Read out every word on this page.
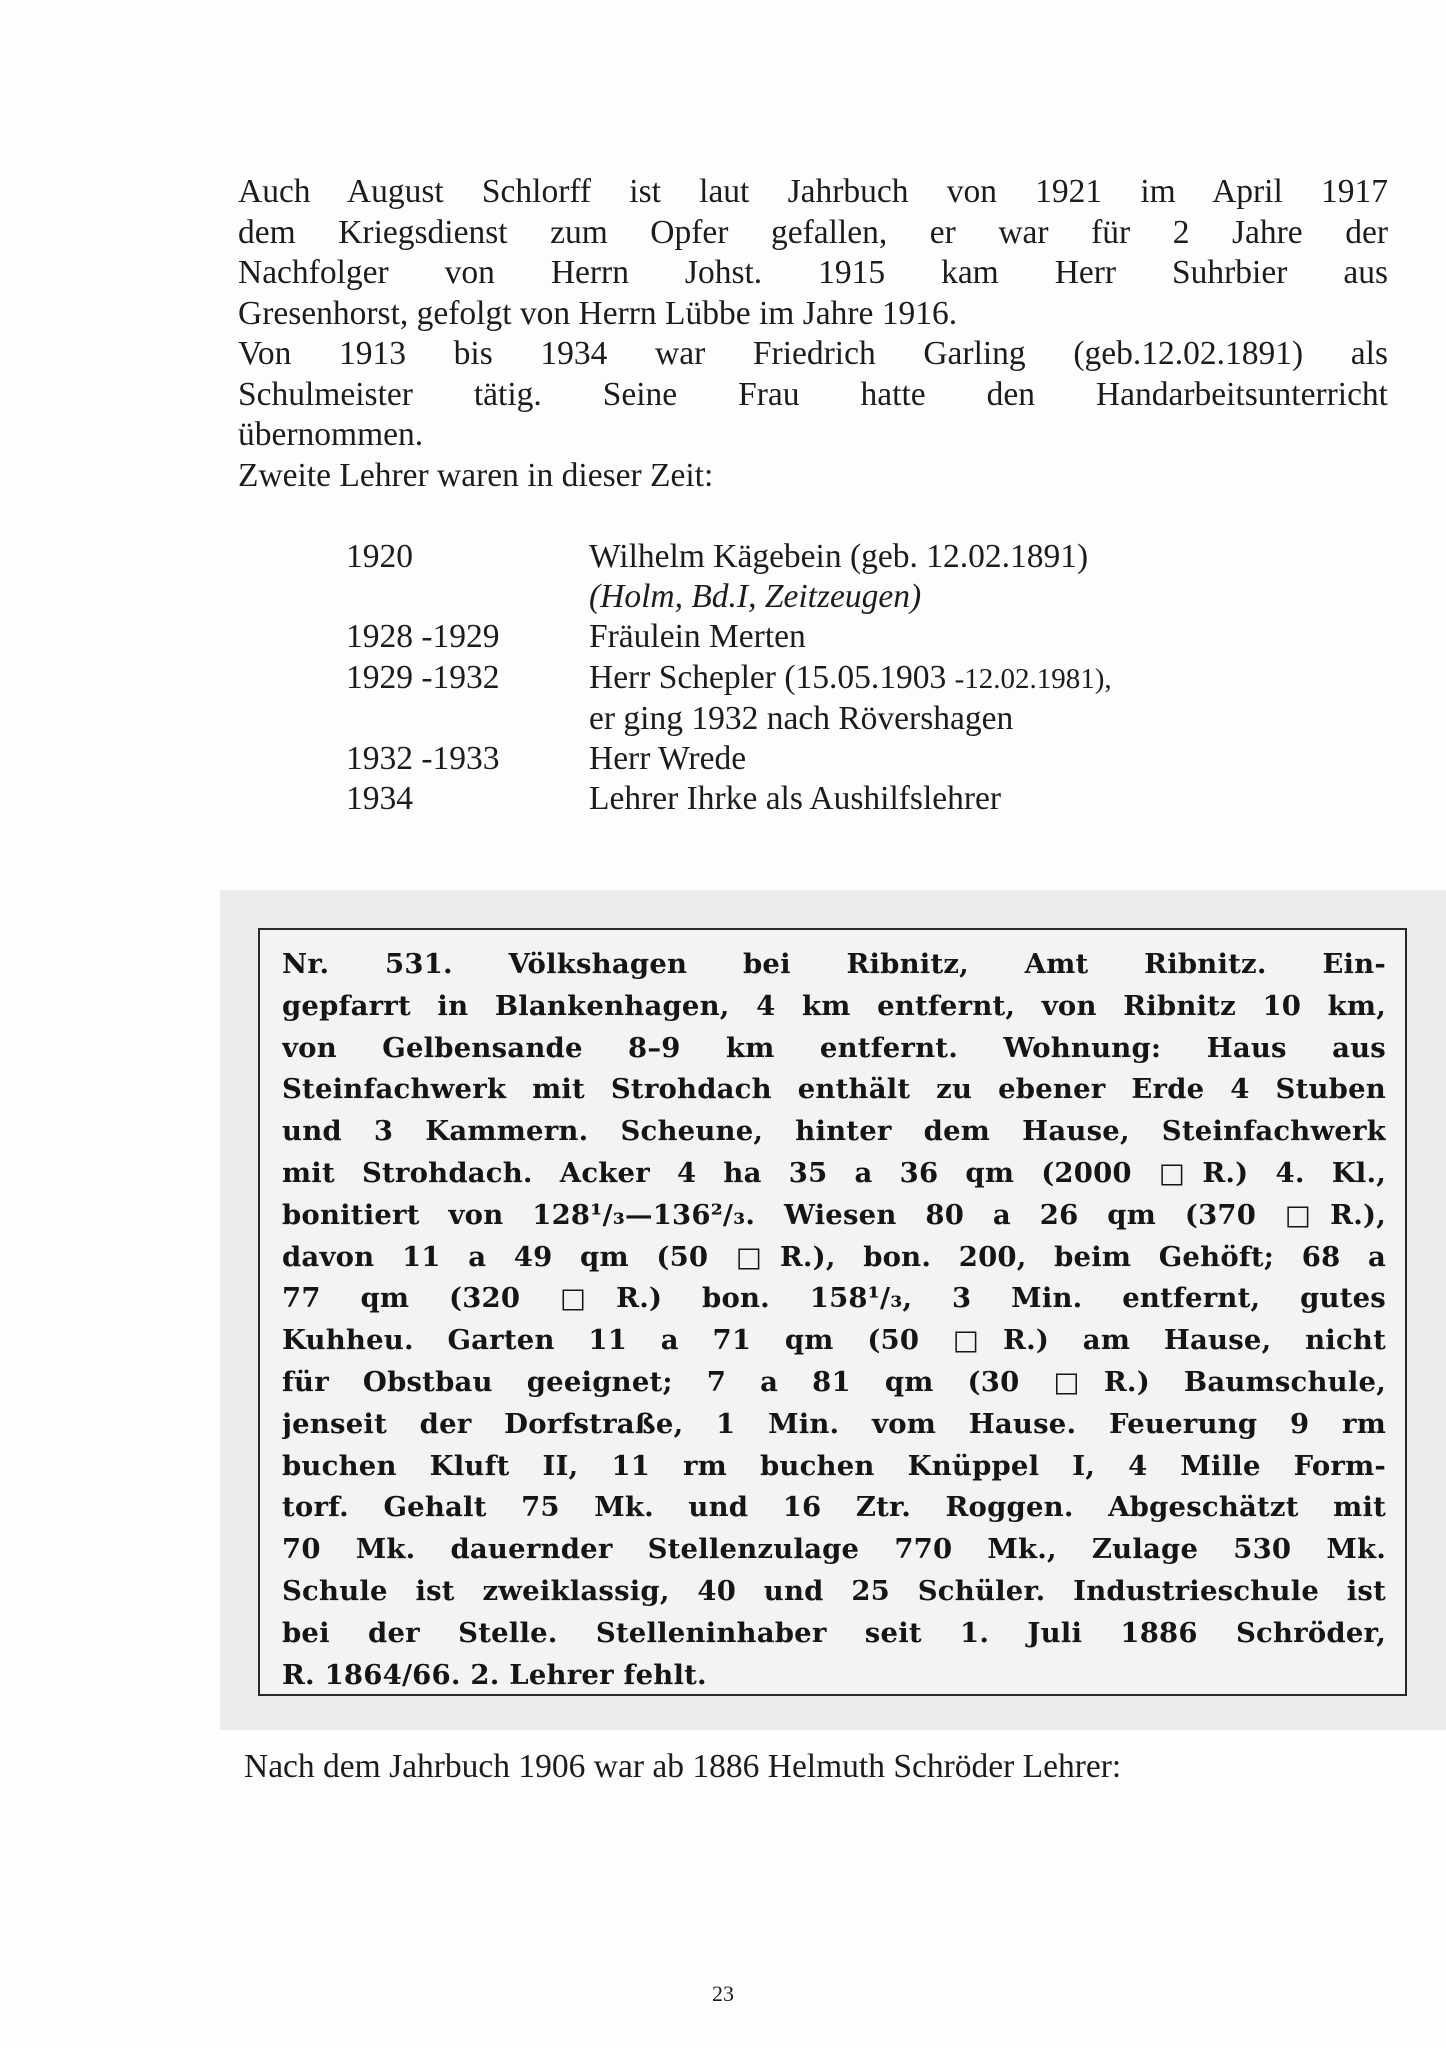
Auch August Schlorff ist laut Jahrbuch von 1921 im April 1917
dem Kriegsdienst zum Opfer gefallen, er war für 2 Jahre der
Nachfolger von Herrn Johst. 1915 kam Herr Suhrbier aus
Gresenhorst, gefolgt von Herrn Lübbe im Jahre 1916.
Von 1913 bis 1934 war Friedrich Garling (geb.12.02.1891) als
Schulmeister tätig. Seine Frau hatte den Handarbeitsunterricht
übernommen.
Zweite Lehrer waren in dieser Zeit:
1920	Wilhelm Kägebein (geb. 12.02.1891)
(Holm, Bd.I, Zeitzeugen)
1928 -1929	Fräulein Merten
1929 -1932	Herr Schepler (15.05.1903 -12.02.1981),
er ging 1932 nach Rövershagen
1932 -1933	Herr Wrede
1934	Lehrer Ihrke als Aushilfslehrer
Nr. 531. Völkshagen bei Ribnitz, Amt Ribnitz. Ein-
gepfarrt in Blankenhagen, 4 km entfernt, von Ribnitz 10 km,
von Gelbensande 8–9 km entfernt. Wohnung: Haus aus
Steinfachwerk mit Strohdach enthält zu ebener Erde 4 Stuben
und 3 Kammern. Scheune, hinter dem Hause, Steinfachwerk
mit Strohdach. Acker 4 ha 35 a 36 qm (2000 □R.) 4. Kl.,
bonitiert von 128¹/₃—136²/₃. Wiesen 80 a 26 qm (370 □R.),
davon 11 a 49 qm (50 □R.), bon. 200, beim Gehöft; 68 a
77 qm (320 □R.) bon. 158¹/₃, 3 Min. entfernt, gutes
Kuhheu. Garten 11 a 71 qm (50 □R.) am Hause, nicht
für Obstbau geeignet; 7 a 81 qm (30 □R.) Baumschule,
jenseit der Dorfstraße, 1 Min. vom Hause. Feuerung 9 rm
buchen Kluft II, 11 rm buchen Knüppel I, 4 Mille Form-
torf. Gehalt 75 Mk. und 16 Ztr. Roggen. Abgeschätzt mit
70 Mk. dauernder Stellenzulage 770 Mk., Zulage 530 Mk.
Schule ist zweiklassig, 40 und 25 Schüler. Industrieschule ist
bei der Stelle. Stelleninhaber seit 1. Juli 1886 Schröder,
R. 1864/66. 2. Lehrer fehlt.
Nach dem Jahrbuch 1906 war ab 1886 Helmuth Schröder Lehrer:
23
